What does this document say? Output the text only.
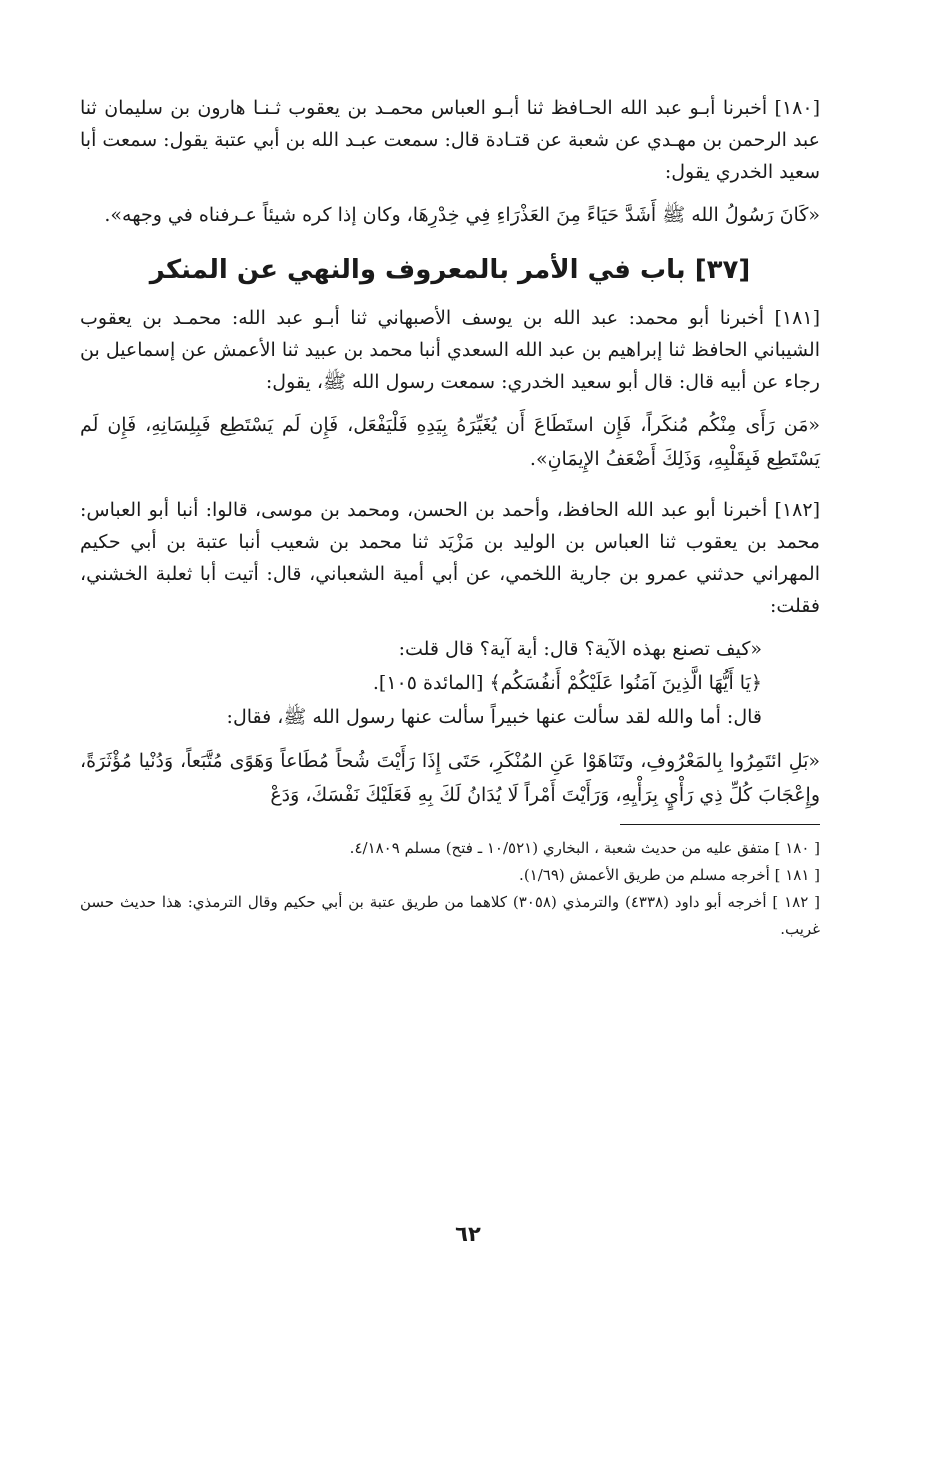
[١٨٠] أخبرنا أبـو عبد الله الحـافظ ثنا أبـو العباس محمـد بن يعقوب ثـنـا هارون بن سليمان ثنا عبد الرحمن بن مهـدي عن شعبة عن قتـادة قال: سمعت عبـد الله بن أبي عتبة يقول: سمعت أبا سعيد الخدري يقول:

«كَانَ رَسُولُ الله ﷺ أَشَدَّ حَيَاءً مِنَ العَذْرَاءِ فِي خِدْرِهَا، وكان إذا كره شيئاً عـرفناه في وجهه».

[٣٧] باب في الأمر بالمعروف والنهي عن المنكر

[١٨١] أخبرنا أبو محمد: عبد الله بن يوسف الأصبهاني ثنا أبـو عبد الله: محمـد بن يعقوب الشيباني الحافظ ثنا إبراهيم بن عبد الله السعدي أنبا محمد بن عبيد ثنا الأعمش عن إسماعيل بن رجاء عن أبيه قال: قال أبو سعيد الخدري: سمعت رسول الله ﷺ، يقول:

«مَن رَأَى مِنْكُم مُنكَراً، فَإِن استَطَاعَ أَن يُغَيِّرَهُ بِيَدِهِ فَلْيَفْعَل، فَإِن لَم يَسْتَطِع فَبِلِسَانِهِ، فَإِن لَم يَسْتَطِع فَبِقَلْبِهِ، وَذَلِكَ أَضْعَفُ الإِيمَانِ».

[١٨٢] أخبرنا أبو عبد الله الحافظ، وأحمد بن الحسن، ومحمد بن موسى، قالوا: أنبا أبو العباس: محمد بن يعقوب ثنا العباس بن الوليد بن مَزْيَد ثنا محمد بن شعيب أنبا عتبة بن أبي حكيم المهراني حدثني عمرو بن جارية اللخمي، عن أبي أمية الشعباني، قال: أتيت أبا ثعلبة الخشني، فقلت:

«كيف تصنع بهذه الآية؟ قال: أية آية؟ قال قلت:

﴿يَا أَيُّهَا الَّذِينَ آمَنُوا عَلَيْكُمْ أَنفُسَكُم﴾ [المائدة ١٠٥].

قال: أما والله لقد سألت عنها خبيراً سألت عنها رسول الله ﷺ، فقال:

«بَلِ ائتَمِرُوا بِالمَعْرُوفِ، وتَنَاهَوْا عَنِ المُنْكَرِ، حَتَى إِذَا رَأَيْتَ شُحاً مُطَاعاً وَهَوًى مُتَّبَعاً، وَدُنْيا مُؤْثَرَةً، وإِعْجَابَ كُلِّ ذِي رَأْيٍ بِرَأْيِهِ، وَرَأَيْتَ أَمْراً لَا يُدَانُ لَكَ بِهِ فَعَلَيْكَ نَفْسَكَ، وَدَعْ

[ ١٨٠ ] متفق عليه من حديث شعبة ، البخاري (١٠/٥٢١ ـ فتح) مسلم ٤/١٨٠٩.

[ ١٨١ ] أخرجه مسلم من طريق الأعمش (١/٦٩).

[ ١٨٢ ] أخرجه أبو داود (٤٣٣٨) والترمذي (٣٠٥٨) كلاهما من طريق عتبة بن أبي حكيم وقال الترمذي: هذا حديث حسن غريب.

٦٢
